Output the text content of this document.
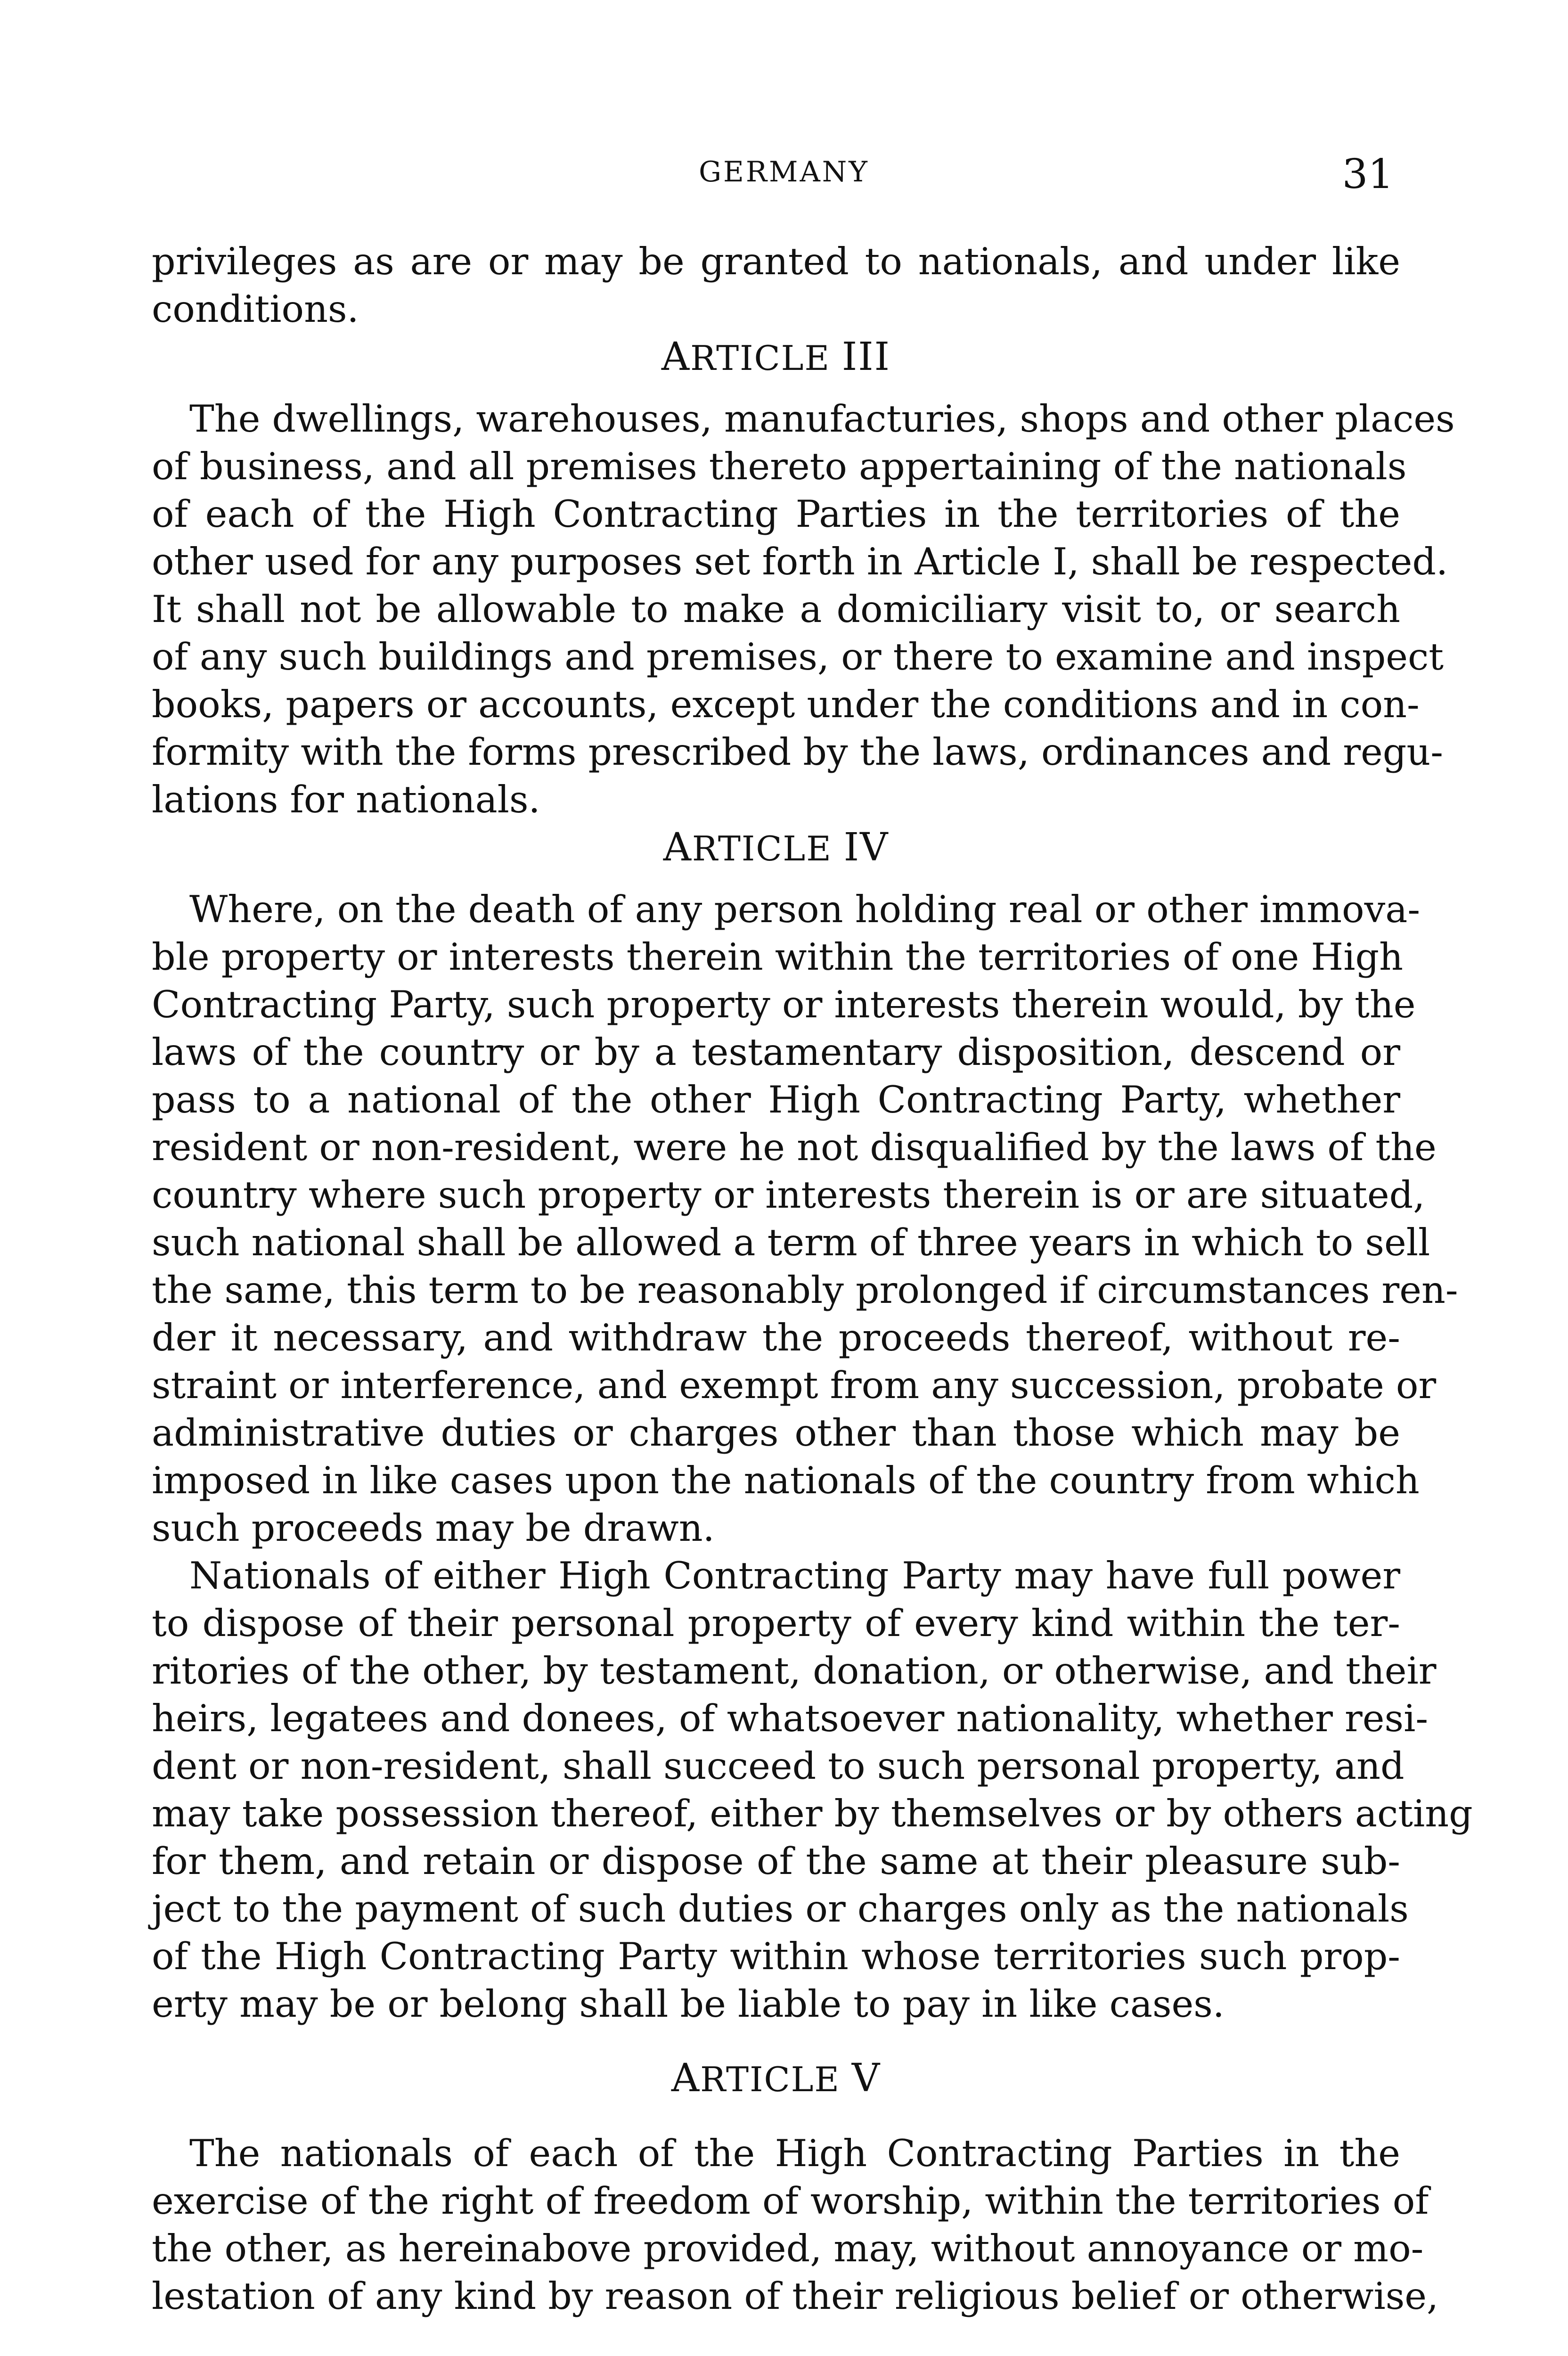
GERMANY	31
privileges as are or may be granted to nationals, and under like
conditions.
ARTICLE III
The dwellings, warehouses, manufacturies, shops and other places
of business, and all premises thereto appertaining of the nationals
of each of the High Contracting Parties in the territories of the
other used for any purposes set forth in Article I, shall be respected.
It shall not be allowable to make a domiciliary visit to, or search
of any such buildings and premises, or there to examine and inspect
books, papers or accounts, except under the conditions and in con-
formity with the forms prescribed by the laws, ordinances and regu-
lations for nationals.
ARTICLE IV
Where, on the death of any person holding real or other immova-
ble property or interests therein within the territories of one High
Contracting Party, such property or interests therein would, by the
laws of the country or by a testamentary disposition, descend or
pass to a national of the other High Contracting Party, whether
resident or non-resident, were he not disqualified by the laws of the
country where such property or interests therein is or are situated,
such national shall be allowed a term of three years in which to sell
the same, this term to be reasonably prolonged if circumstances ren-
der it necessary, and withdraw the proceeds thereof, without re-
straint or interference, and exempt from any succession, probate or
administrative duties or charges other than those which may be
imposed in like cases upon the nationals of the country from which
such proceeds may be drawn.
Nationals of either High Contracting Party may have full power
to dispose of their personal property of every kind within the ter-
ritories of the other, by testament, donation, or otherwise, and their
heirs, legatees and donees, of whatsoever nationality, whether resi-
dent or non-resident, shall succeed to such personal property, and
may take possession thereof, either by themselves or by others acting
for them, and retain or dispose of the same at their pleasure sub-
ject to the payment of such duties or charges only as the nationals
of the High Contracting Party within whose territories such prop-
erty may be or belong shall be liable to pay in like cases.
ARTICLE V
The nationals of each of the High Contracting Parties in the
exercise of the right of freedom of worship, within the territories of
the other, as hereinabove provided, may, without annoyance or mo-
lestation of any kind by reason of their religious belief or otherwise,
